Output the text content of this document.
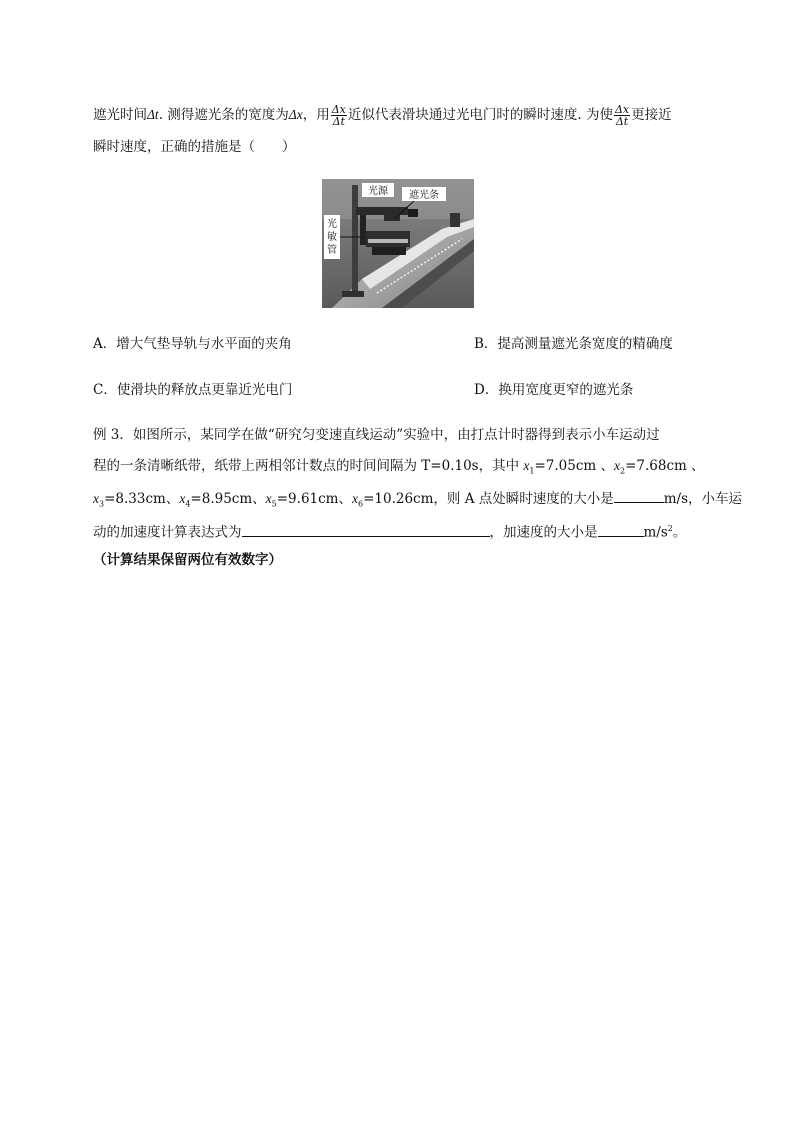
遮光时间Δt. 测得遮光条的宽度为Δx，用 $\frac{\Delta x}{\Delta t}$ 近似代表滑块通过光电门时的瞬时速度. 为使 $\frac{\Delta x}{\Delta t}$ 更接近
瞬时速度，正确的措施是（　　）
光源 遮光条
光
敏
管
A．增大气垫导轨与水平面的夹角	B．提高测量遮光条宽度的精确度
C．使滑块的释放点更靠近光电门	D．换用宽度更窄的遮光条
例 3．如图所示，某同学在做“研究匀变速直线运动”实验中，由打点计时器得到表示小车运动过
程的一条清晰纸带，纸带上两相邻计数点的时间间隔为 T=0.10s，其中 $x_1=7.05cm$ 、$x_2=7.68cm$ 、
$x_3=8.33cm$、$x_4=8.95cm$、$x_5=9.61cm$、$x_6=10.26cm$，则 A 点处瞬时速度的大小是	m/s，小车运
动的加速度计算表达式为	，加速度的大小是	$m/s^2$。
（计算结果保留两位有效数字）
